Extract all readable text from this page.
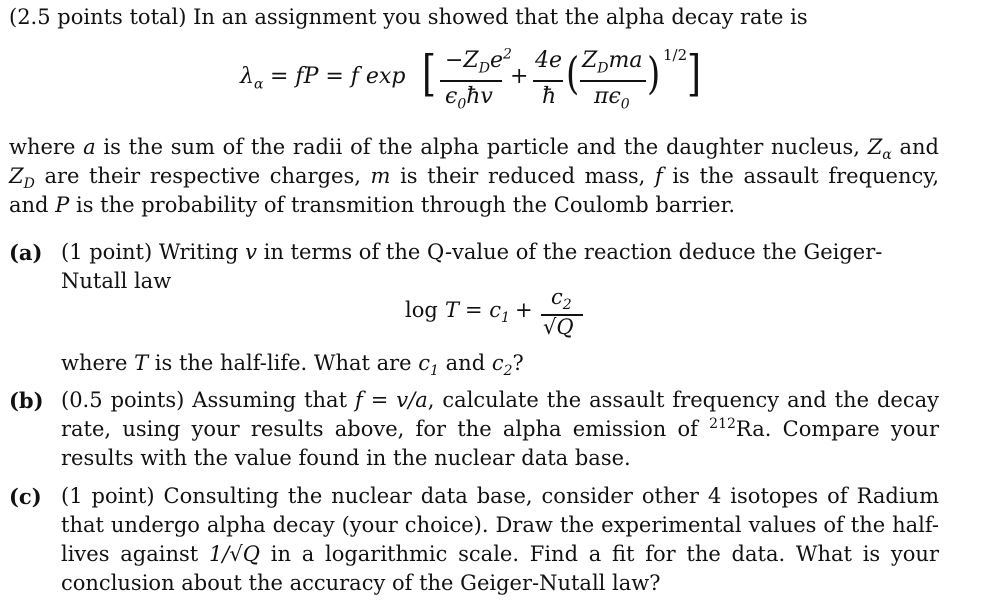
(2.5 points total) In an assignment you showed that the alpha decay rate is
$\lambda_\alpha$ = fP = f exp [ $-Z_De^2$
$\epsilon_0ħv$
+
4e
ħ ( $Z_Dma$
$\pi\epsilon_0$
) 1/2 ]
where a is the sum of the radii of the alpha particle and the daughter nucleus, $Z_\alpha$ and $Z_D$ are their respective charges, m is their reduced mass, f is the assault frequency, and P is the probability of transmition through the Coulomb barrier.
(a) (1 point) Writing v in terms of the Q-value of the reaction deduce the Geiger- Nutall law
$\log T = c_1$ +
$c_2$
√Q
where T is the half-life. What are $c_1$ and $c_2$?
(b) (0.5 points) Assuming that f = v/a, calculate the assault frequency and the decay rate, using your results above, for the alpha emission of $^{212}$Ra. Compare your results with the value found in the nuclear data base.
(c) (1 point) Consulting the nuclear data base, consider other 4 isotopes of Radium that undergo alpha decay (your choice). Draw the experimental values of the half-lives against 1/√Q in a logarithmic scale. Find a fit for the data. What is your conclusion about the accuracy of the Geiger-Nutall law?
